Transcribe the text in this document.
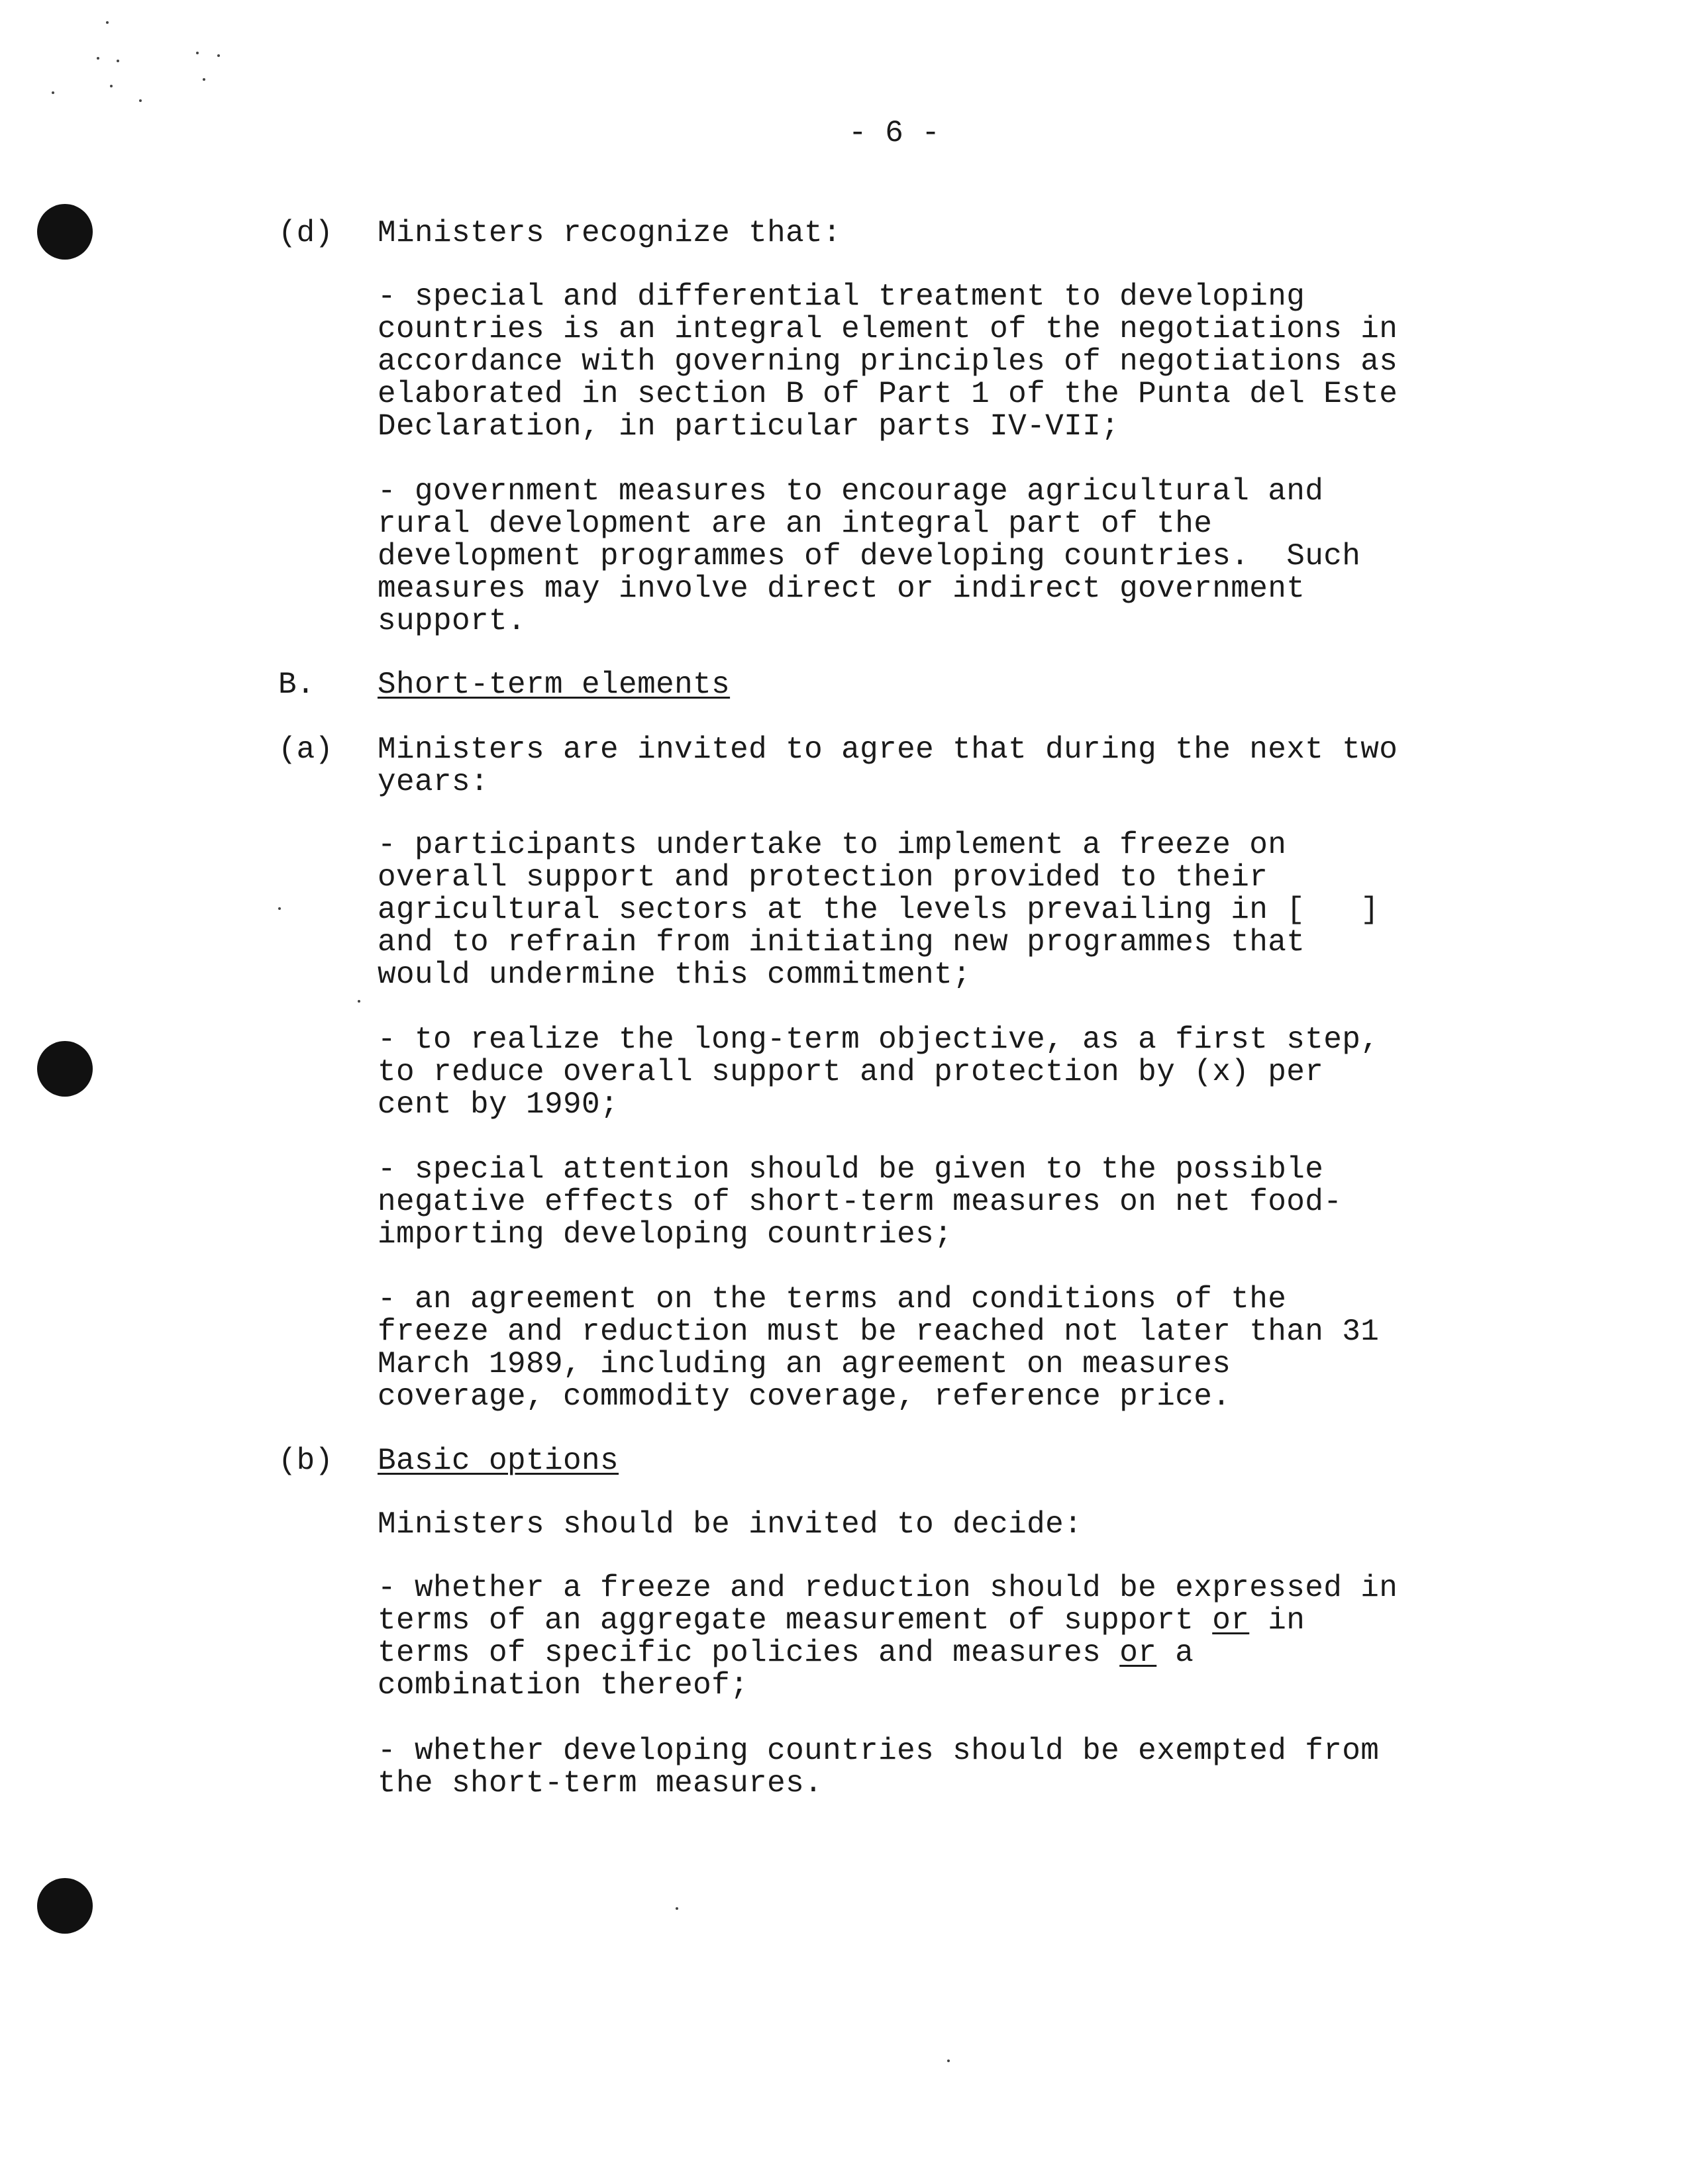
- 6 -
(d) Ministers recognize that:
- special and differential treatment to developing
countries is an integral element of the negotiations in
accordance with governing principles of negotiations as
elaborated in section B of Part 1 of the Punta del Este
Declaration, in particular parts IV-VII;
- government measures to encourage agricultural and
rural development are an integral part of the
development programmes of developing countries.  Such
measures may involve direct or indirect government
support.
B. Short-term elements
(a) Ministers are invited to agree that during the next two
years:
- participants undertake to implement a freeze on
overall support and protection provided to their
agricultural sectors at the levels prevailing in [   ]
and to refrain from initiating new programmes that
would undermine this commitment;
- to realize the long-term objective, as a first step,
to reduce overall support and protection by (x) per
cent by 1990;
- special attention should be given to the possible
negative effects of short-term measures on net food-
importing developing countries;
- an agreement on the terms and conditions of the
freeze and reduction must be reached not later than 31
March 1989, including an agreement on measures
coverage, commodity coverage, reference price.
(b) Basic options
Ministers should be invited to decide:
- whether a freeze and reduction should be expressed in
terms of an aggregate measurement of support or in
terms of specific policies and measures or a
combination thereof;
- whether developing countries should be exempted from
the short-term measures.
